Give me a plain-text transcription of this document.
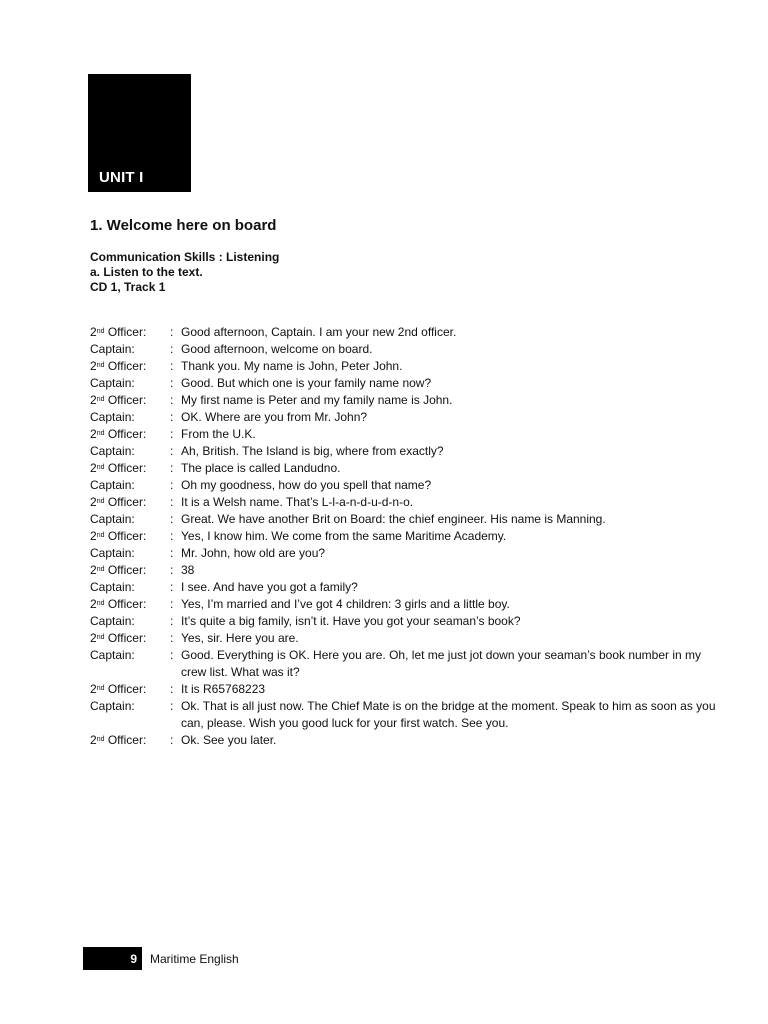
UNIT I
1. Welcome here on board
Communication Skills : Listening
a. Listen to the text.
CD 1, Track 1
2nd Officer:	: Good afternoon, Captain. I am your new 2nd officer.
Captain:	: Good afternoon, welcome on board.
2nd Officer:	: Thank you. My name is John, Peter John.
Captain:	: Good. But which one is your family name now?
2nd Officer:	: My first name is Peter and my family name is John.
Captain:	: OK. Where are you from Mr. John?
2nd Officer:	: From the U.K.
Captain:	: Ah, British. The Island is big, where from exactly?
2nd Officer:	: The place is called Landudno.
Captain:	: Oh my goodness, how do you spell that name?
2nd Officer:	: It is a Welsh name. That’s L-l-a-n-d-u-d-n-o.
Captain:	: Great. We have another Brit on Board: the chief engineer. His name is Manning.
2nd Officer:	: Yes, I know him. We come from the same Maritime Academy.
Captain:	: Mr. John, how old are you?
2nd Officer:	: 38
Captain:	: I see. And have you got a family?
2nd Officer:	: Yes, I’m married and I’ve got 4 children: 3 girls and a little boy.
Captain:	: It’s quite a big family, isn’t it. Have you got your seaman’s book?
2nd Officer:	: Yes, sir. Here you are.
Captain:	: Good. Everything is OK. Here you are. Oh, let me just jot down your seaman’s book number in my crew list. What was it?
2nd Officer:	: It is R65768223
Captain:	: Ok. That is all just now. The Chief Mate is on the bridge at the moment. Speak to him as soon as you can, please. Wish you good luck for your first watch. See you.
2nd Officer:	: Ok. See you later.
9	Maritime English
